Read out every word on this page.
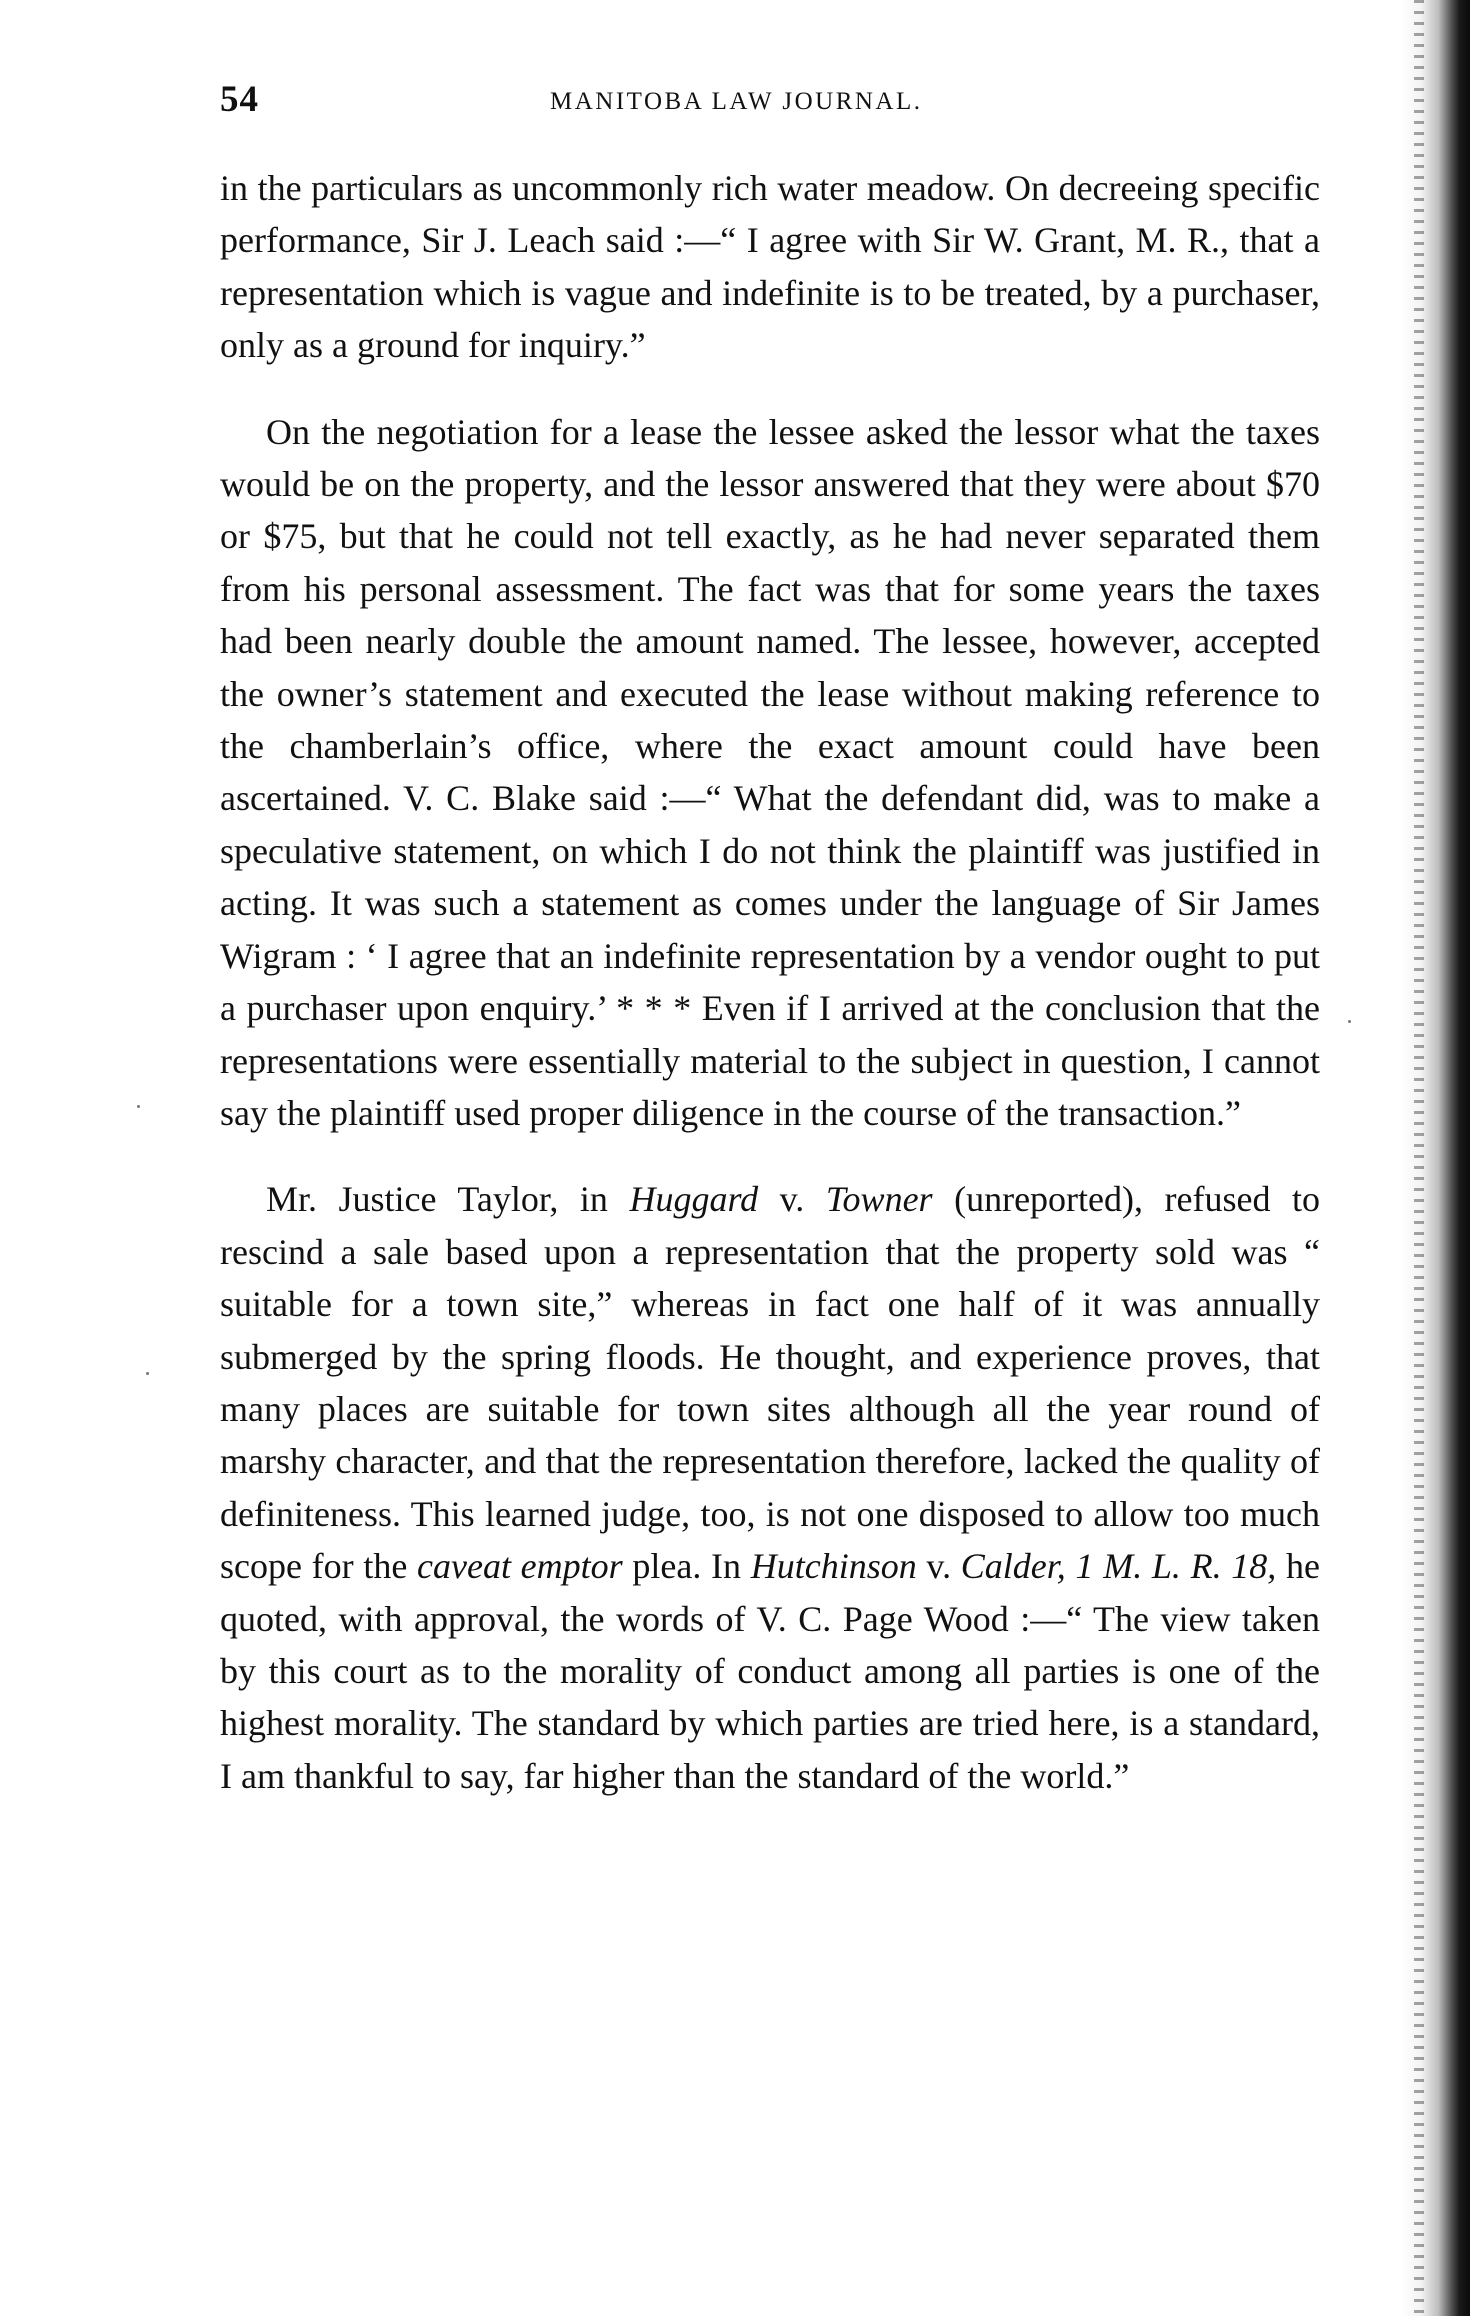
54	MANITOBA LAW JOURNAL.

in the particulars as uncommonly rich water meadow. On decreeing specific performance, Sir J. Leach said :—“ I agree with Sir W. Grant, M. R., that a representation which is vague and indefinite is to be treated, by a purchaser, only as a ground for inquiry.”

On the negotiation for a lease the lessee asked the lessor what the taxes would be on the property, and the lessor answered that they were about $70 or $75, but that he could not tell exactly, as he had never separated them from his personal assessment. The fact was that for some years the taxes had been nearly double the amount named. The lessee, however, accepted the owner’s statement and executed the lease without making reference to the chamberlain’s office, where the exact amount could have been ascertained. V. C. Blake said :—“ What the defendant did, was to make a speculative statement, on which I do not think the plaintiff was justified in acting. It was such a statement as comes under the language of Sir James Wigram : ‘ I agree that an indefinite representation by a vendor ought to put a purchaser upon enquiry.’ * * * Even if I arrived at the conclusion that the representations were essentially material to the subject in question, I cannot say the plaintiff used proper diligence in the course of the transaction.”

Mr. Justice Taylor, in Huggard v. Towner (unreported), refused to rescind a sale based upon a representation that the property sold was “ suitable for a town site,” whereas in fact one half of it was annually submerged by the spring floods. He thought, and experience proves, that many places are suitable for town sites although all the year round of marshy character, and that the representation therefore, lacked the quality of definiteness. This learned judge, too, is not one disposed to allow too much scope for the caveat emptor plea. In Hutchinson v. Calder, 1 M. L. R. 18, he quoted, with approval, the words of V. C. Page Wood :—“ The view taken by this court as to the morality of conduct among all parties is one of the highest morality. The standard by which parties are tried here, is a standard, I am thankful to say, far higher than the standard of the world.”
